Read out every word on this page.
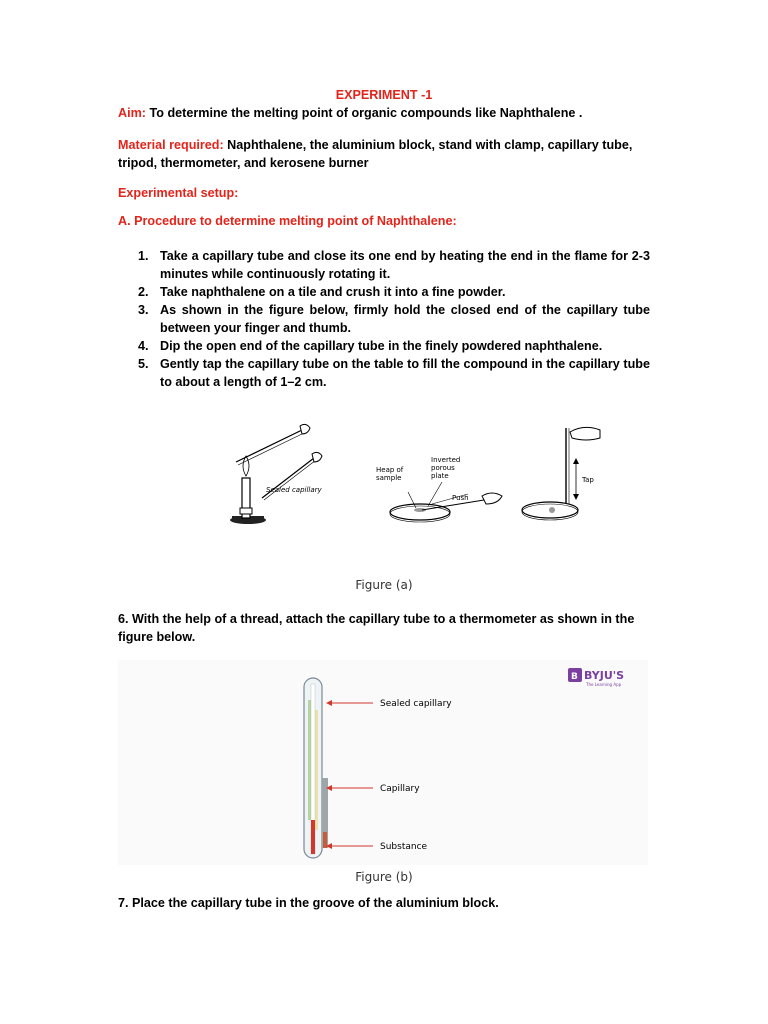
EXPERIMENT -1
Aim: To determine the melting point of organic compounds like Naphthalene .
Material required: Naphthalene, the aluminium block, stand with clamp, capillary tube,
tripod, thermometer, and kerosene burner
Experimental setup:
A. Procedure to determine melting point of Naphthalene:
1. Take a capillary tube and close its one end by heating the end in the flame for 2-3 minutes while continuously rotating it.
2. Take naphthalene on a tile and crush it into a fine powder.
3. As shown in the figure below, firmly hold the closed end of the capillary tube between your finger and thumb.
4. Dip the open end of the capillary tube in the finely powdered naphthalene.
5. Gently tap the capillary tube on the table to fill the compound in the capillary tube to about a length of 1–2 cm.
Sealed capillary
Heap of
sample
Inverted
porous
plate
Push
Tap
Figure (a)
6. With the help of a thread, attach the capillary tube to a thermometer as shown in the
figure below.
B BYJU'S
The Learning App
Sealed capillary
Capillary
Substance
Figure (b)
7. Place the capillary tube in the groove of the aluminium block.
